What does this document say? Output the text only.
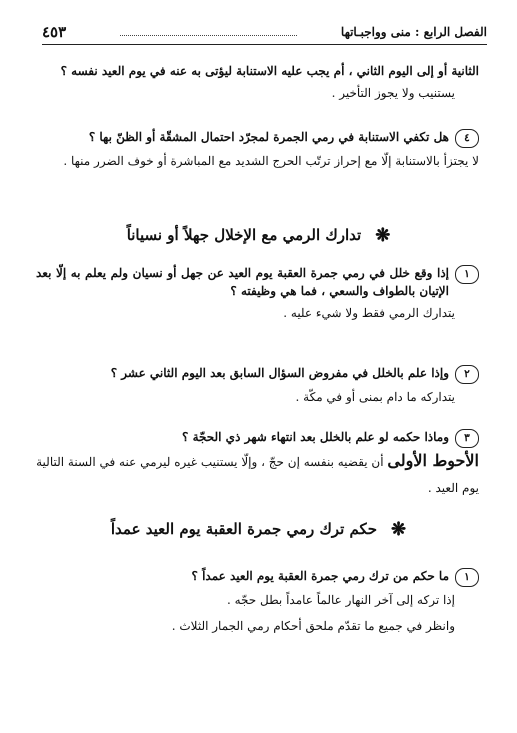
الفصل الرابع : منى وواجبـاتها
٤٥٣

الثانية أو إلى اليوم الثاني ، أم يجب عليه الاستنابة ليؤتى به عنه في يوم العيد نفسه ؟

يستنيب ولا يجوز التأخير .

٤

هل تكفي الاستنابة في رمي الجمرة لمجرّد احتمال المشقّة أو الظنّ بها ؟

لا يجتزأ بالاستنابة إلّا مع إحراز ترتّب الحرج الشديد مع المباشرة أو خوف الضرر منها .

❋تدارك الرمي مع الإخلال جهلاً أو نسياناً
١

إذا وقع خلل في رمي جمرة العقبة يوم العيد عن جهل أو نسيان ولم يعلم به إلّا بعد الإتيان بالطواف والسعي ، فما هي وظيفته ؟

يتدارك الرمي فقط ولا شيء عليه .

٢

وإذا علم بالخلل في مفروض السؤال السابق بعد اليوم الثاني عشر ؟

يتداركه ما دام بمنى أو في مكّة .

٣

وماذا حكمه لو علم بالخلل بعد انتهاء شهر ذي الحجّة ؟

الأحوط الأولى أن يقضيه بنفسه إن حجّ ، وإلّا يستنيب غيره ليرمي عنه في السنة التالية يوم العيد .

❋حكم ترك رمي جمرة العقبة يوم العيد عمداً
١

ما حكم من ترك رمي جمرة العقبة يوم العيد عمداً ؟

إذا تركه إلى آخر النهار عالماً عامداً بطل حجّه .

وانظر في جميع ما تقدّم ملحق أحكام رمي الجمار الثلاث .
